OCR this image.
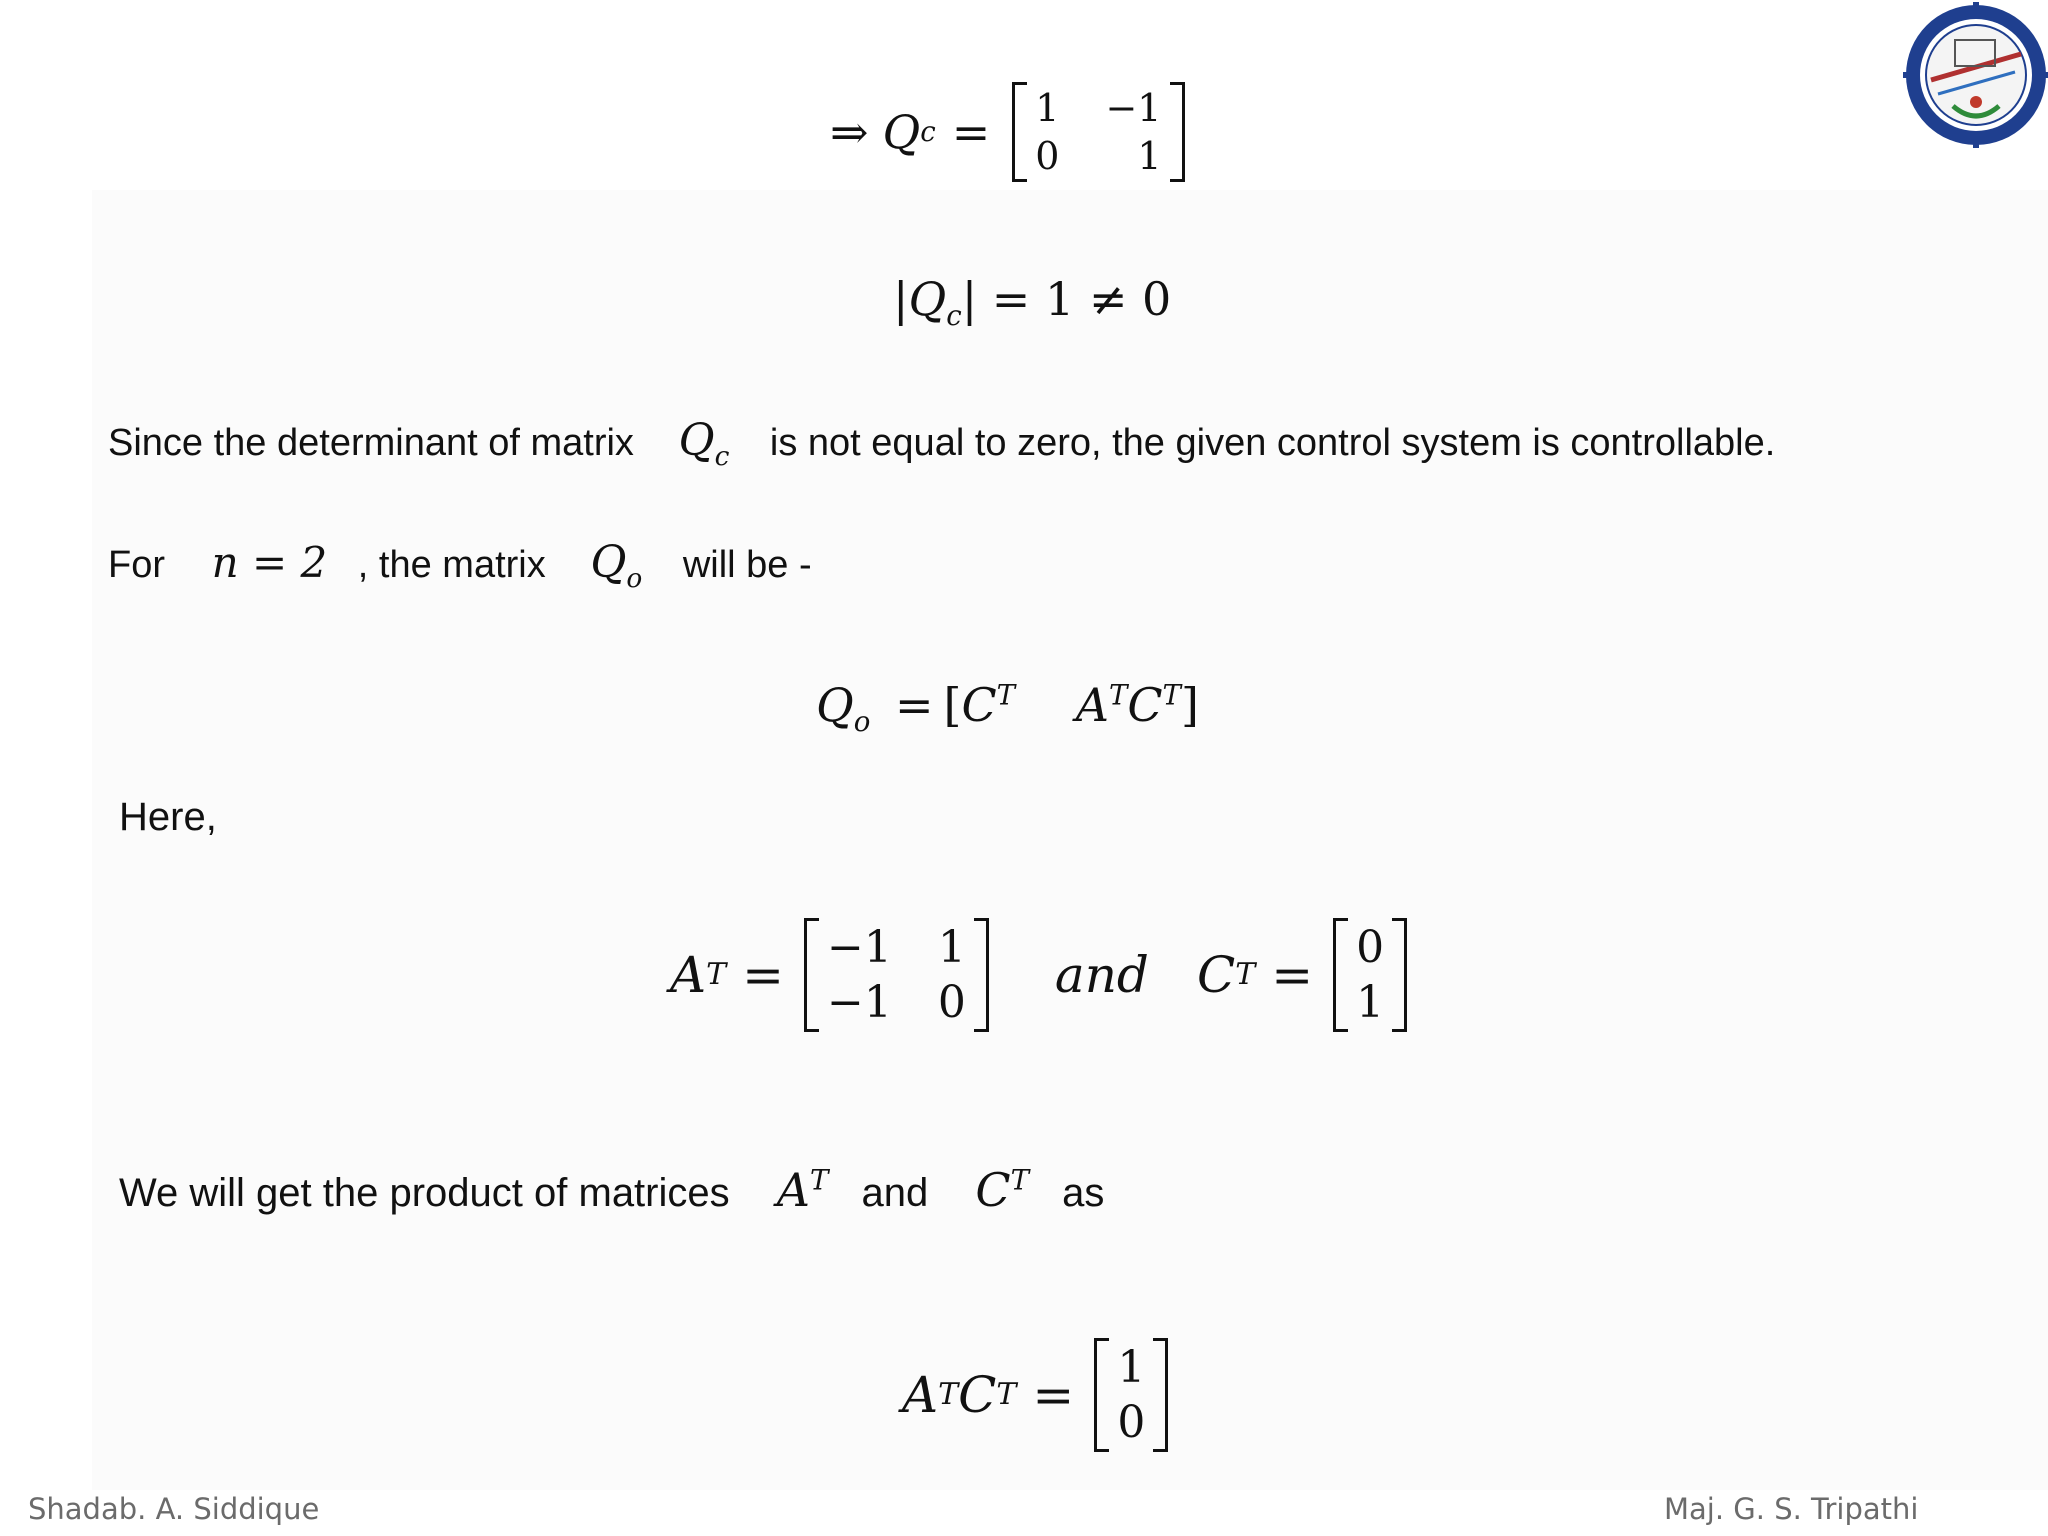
⇒ Q c = 1 −1
0	1
$|Q_c| = 1 \ne 0$
Since the determinant of matrix $Q_c$ is not equal to zero, the given control system is controllable.
For n = 2 , the matrix $Q_o$ will be -
$Q_o = [C^T$ $A^TC^T$]
Here,
A T = −1 1
−1 0 and C T = 0
1
We will get the product of matrices $A^T$ and $C^T$ as
A T C T = 1
0
Shadab. A. Siddique	Maj. G. S. Tripathi
